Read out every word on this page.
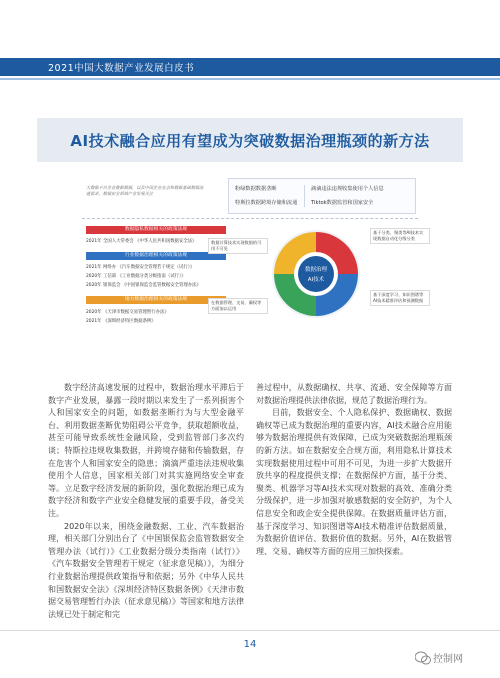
2021中国大数据产业发展白皮书
AI技术融合应用有望成为突破数据治理瓶颈的新方法
大数据平台企业数据数据，以及中国企业业态和数据基础数据流通需求，数据安全领域产业发展关注
粉绿数据数据垄断	滴滴违法违规收集使用个人信息
特斯拉数据跨境存储和流通	Tiktok数据监管和国家安全
数据隐私数据相关的政策法规
2021年 全国人大常委会 《中华人民共和国数据安全法》
行业数据治理相关的政策法规
2021年 网络办 《汽车数据安全管理若干规定（试行）》
2020年 工信部 《工业数据分类分级指南（试行）》
2020年 银保监会 《中国银保监会监管数据安全管理办法》
地方数据治理相关的政策法规
2020年 《天津市数据交易管理暂行办法》
2021年 《深圳经济特区数据条例》
数据治理
AI技术
数据计算技术实现数据的可用不可见
基于分类、聚类等AI技术实现数据自动化分级分类
在数据管理、交易、确权等方面加以运用
基于深度学习、知识图谱等AI技术精准评估和预测数据

数字经济高速发展的过程中，数据治理水平滞后于数字产业发展，暴露一段时期以来发生了一系列损害个人和国家安全的问题，如数据垄断行为与大型金融平台、利用数据垄断优势阻碍公平竞争，获取超额收益，甚至可能导致系统性金融风险，受到监管部门多次约谈；特斯拉违规收集数据，并跨境存储和传输数据，存在危害个人和国家安全的隐患；滴滴严重违法违规收集使用个人信息，国家相关部门对其实施网络安全审查等。立足数字经济发展的新阶段，强化数据治理已成为数字经济和数字产业安全稳健发展的重要手段，备受关注。

2020年以来，围绕金融数据、工业、汽车数据治理，相关部门分别出台了《中国银保监会监管数据安全管理办法（试行）》《工业数据分级分类指南（试行）》《汽车数据安全管理若干规定（征求意见稿）》，为细分行业数据治理提供政策指导和依据；另外《中华人民共和国数据安全法》《深圳经济特区数据条例》《天津市数据交易管理暂行办法（征求意见稿）》等国家和地方法律法规已处于制定和完

善过程中，从数据确权、共享、流通、安全保障等方面对数据治理提供法律依据，规范了数据治理行为。

目前，数据安全、个人隐私保护、数据确权、数据确权等已成为数据治理的重要内容，AI技术融合应用能够为数据治理提供有效保障，已成为突破数据治理瓶颈的新方法。如在数据安全合规方面，利用隐私计算技术实现数据使用过程中可用不可见，为进一步扩大数据开放共享的程度提供支撑；在数据保护方面，基于分类、聚类、机器学习等AI技术实现对数据的高效、准确分类分级保护，进一步加强对敏感数据的安全防护，为个人信息安全和政企安全提供保障。在数据质量评估方面，基于深度学习、知识图谱等AI技术精准评估数据质量，为数据价值评估、数据价值的数据。另外，AI在数据管理、交易、确权等方面的应用三加快探索。

14
控制网
